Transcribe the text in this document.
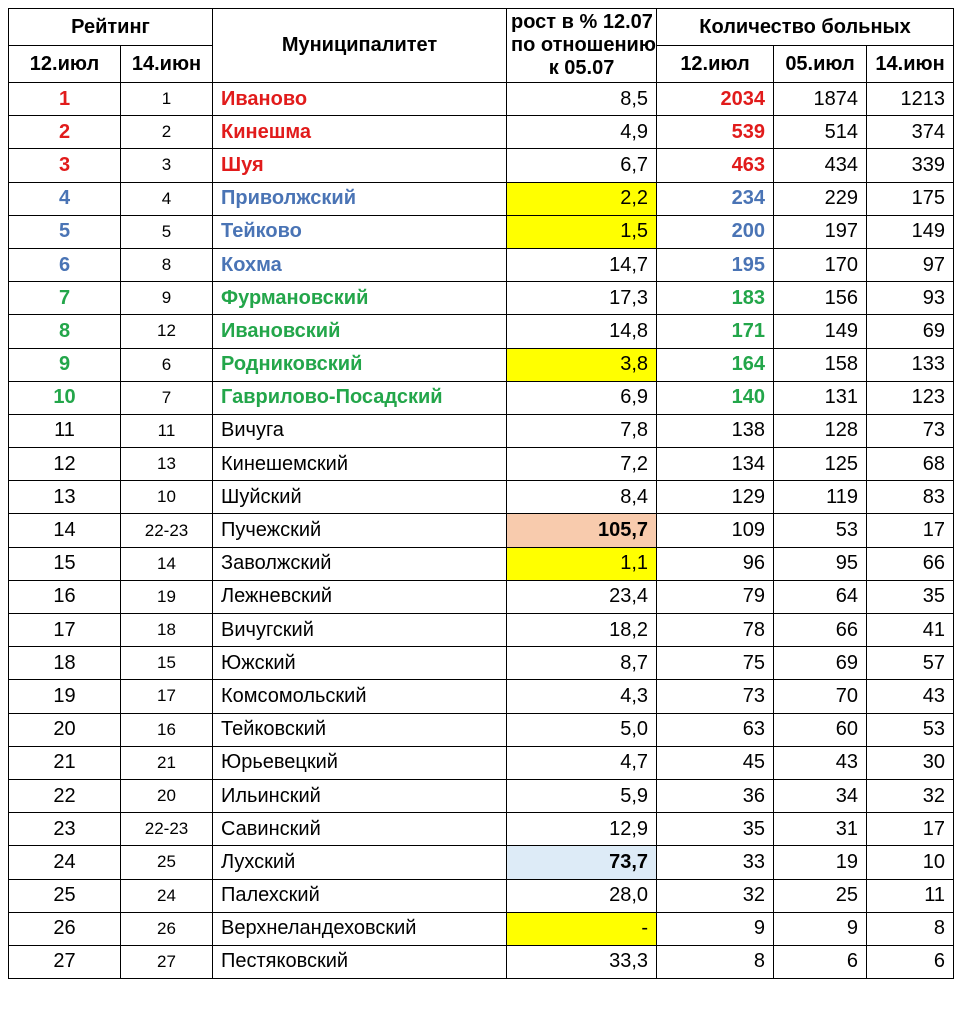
Рейтинг		Муниципалитет	рост в % 12.07
по отношению
к 05.07	Количество больных		
12.июл	14.июн			12.июл	05.июл	14.июн
1	1	Иваново	8,5	2034	1874	1213
2	2	Кинешма	4,9	539	514	374
3	3	Шуя	6,7	463	434	339
4	4	Приволжский	2,2	234	229	175
5	5	Тейково	1,5	200	197	149
6	8	Кохма	14,7	195	170	97
7	9	Фурмановский	17,3	183	156	93
8	12	Ивановский	14,8	171	149	69
9	6	Родниковский	3,8	164	158	133
10	7	Гаврилово-Посадский	6,9	140	131	123
11	11	Вичуга	7,8	138	128	73
12	13	Кинешемский	7,2	134	125	68
13	10	Шуйский	8,4	129	119	83
14	22-23	Пучежский	105,7	109	53	17
15	14	Заволжский	1,1	96	95	66
16	19	Лежневский	23,4	79	64	35
17	18	Вичугский	18,2	78	66	41
18	15	Южский	8,7	75	69	57
19	17	Комсомольский	4,3	73	70	43
20	16	Тейковский	5,0	63	60	53
21	21	Юрьевецкий	4,7	45	43	30
22	20	Ильинский	5,9	36	34	32
23	22-23	Савинский	12,9	35	31	17
24	25	Лухский	73,7	33	19	10
25	24	Палехский	28,0	32	25	11
26	26	Верхнеландеховский	-	9	9	8
27	27	Пестяковский	33,3	8	6	6
